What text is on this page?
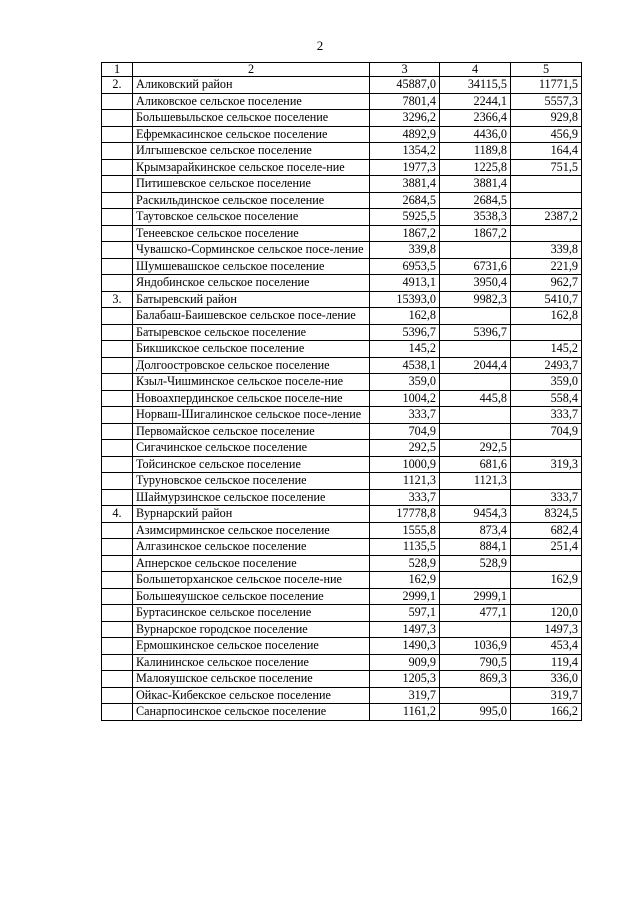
2
1	2	3	4	5
2.	Аликовский район	45887,0	34115,5	11771,5
	Аликовское сельское поселение	7801,4	2244,1	5557,3
	Большевыльское сельское поселение	3296,2	2366,4	929,8
	Ефремкасинское сельское поселение	4892,9	4436,0	456,9
	Илгышевское сельское поселение	1354,2	1189,8	164,4
	Крымзарайкинское сельское поселе-ние	1977,3	1225,8	751,5
	Питишевское сельское поселение	3881,4	3881,4	
	Раскильдинское сельское поселение	2684,5	2684,5	
	Таутовское сельское поселение	5925,5	3538,3	2387,2
	Тенеевское сельское поселение	1867,2	1867,2	
	Чувашско-Сорминское сельское посе-ление	339,8		339,8
	Шумшевашское сельское поселение	6953,5	6731,6	221,9
	Яндобинское сельское поселение	4913,1	3950,4	962,7
3.	Батыревский район	15393,0	9982,3	5410,7
	Балабаш-Баишевское сельское посе-ление	162,8		162,8
	Батыревское сельское поселение	5396,7	5396,7	
	Бикшикское сельское поселение	145,2		145,2
	Долгоостровское сельское поселение	4538,1	2044,4	2493,7
	Кзыл-Чишминское сельское поселе-ние	359,0		359,0
	Новоахпердинское сельское поселе-ние	1004,2	445,8	558,4
	Норваш-Шигалинское сельское посе-ление	333,7		333,7
	Первомайское сельское поселение	704,9		704,9
	Сигачинское сельское поселение	292,5	292,5	
	Тойсинское сельское поселение	1000,9	681,6	319,3
	Туруновское сельское поселение	1121,3	1121,3	
	Шаймурзинское сельское поселение	333,7		333,7
4.	Вурнарский район	17778,8	9454,3	8324,5
	Азимсирминское сельское поселение	1555,8	873,4	682,4
	Алгазинское сельское поселение	1135,5	884,1	251,4
	Апнерское сельское поселение	528,9	528,9	
	Большеторханское сельское поселе-ние	162,9		162,9
	Большеяушское сельское поселение	2999,1	2999,1	
	Буртасинское сельское поселение	597,1	477,1	120,0
	Вурнарское городское поселение	1497,3		1497,3
	Ермошкинское сельское поселение	1490,3	1036,9	453,4
	Калининское сельское поселение	909,9	790,5	119,4
	Малояушское сельское поселение	1205,3	869,3	336,0
	Ойкас-Кибекское сельское поселение	319,7		319,7
	Санарпосинское сельское поселение	1161,2	995,0	166,2
